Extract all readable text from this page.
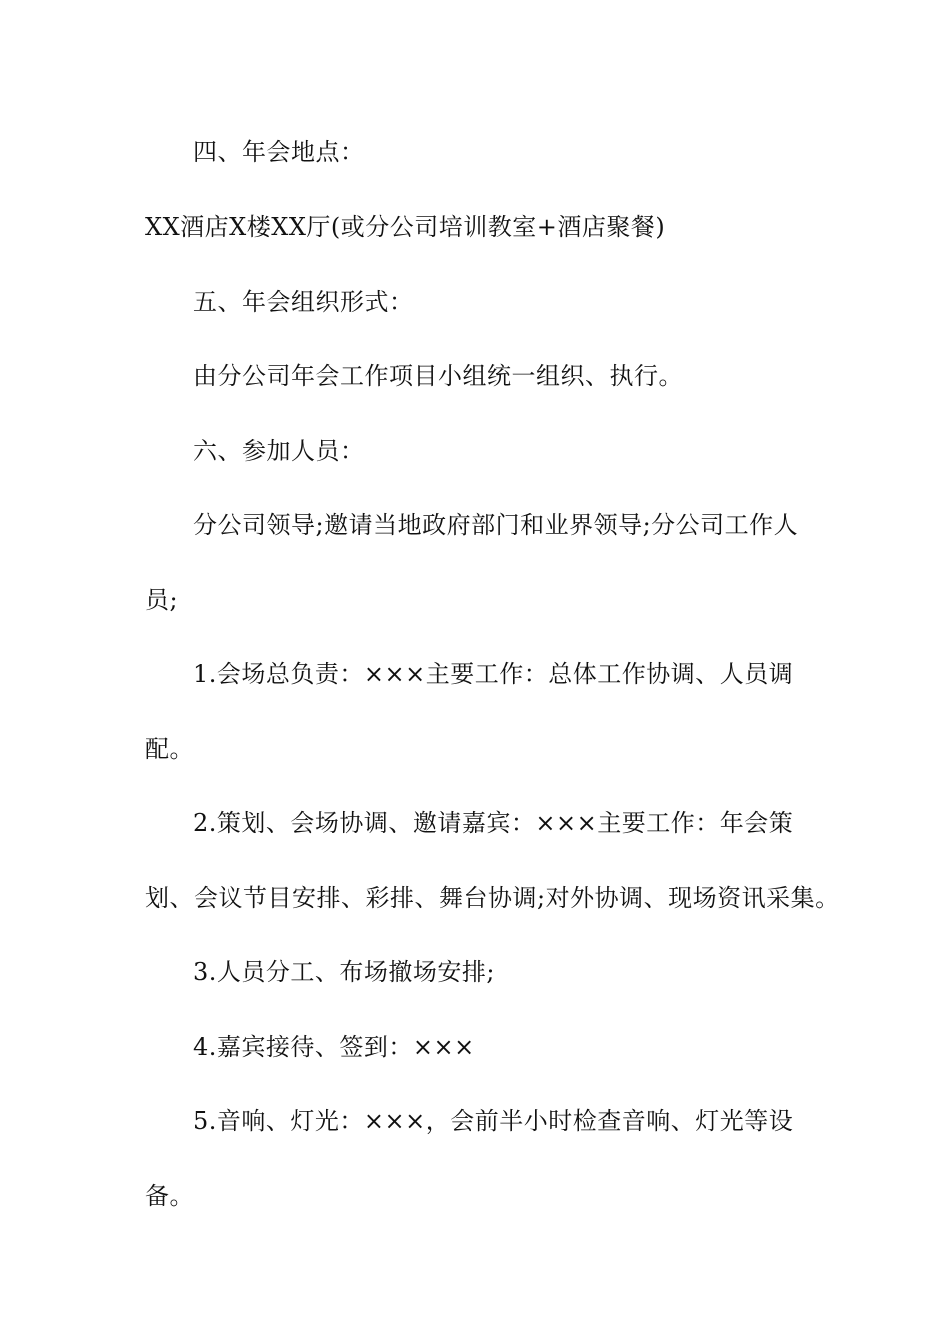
四、年会地点：
XX酒店X楼XX厅(或分公司培训教室+酒店聚餐)
五、年会组织形式：
由分公司年会工作项目小组统一组织、执行。
六、参加人员：
分公司领导;邀请当地政府部门和业界领导;分公司工作人
员;
1.会场总负责：×××主要工作：总体工作协调、人员调
配。
2.策划、会场协调、邀请嘉宾：×××主要工作：年会策
划、会议节目安排、彩排、舞台协调;对外协调、现场资讯采集。
3.人员分工、布场撤场安排;
4.嘉宾接待、签到：×××
5.音响、灯光：×××，会前半小时检查音响、灯光等设
备。
